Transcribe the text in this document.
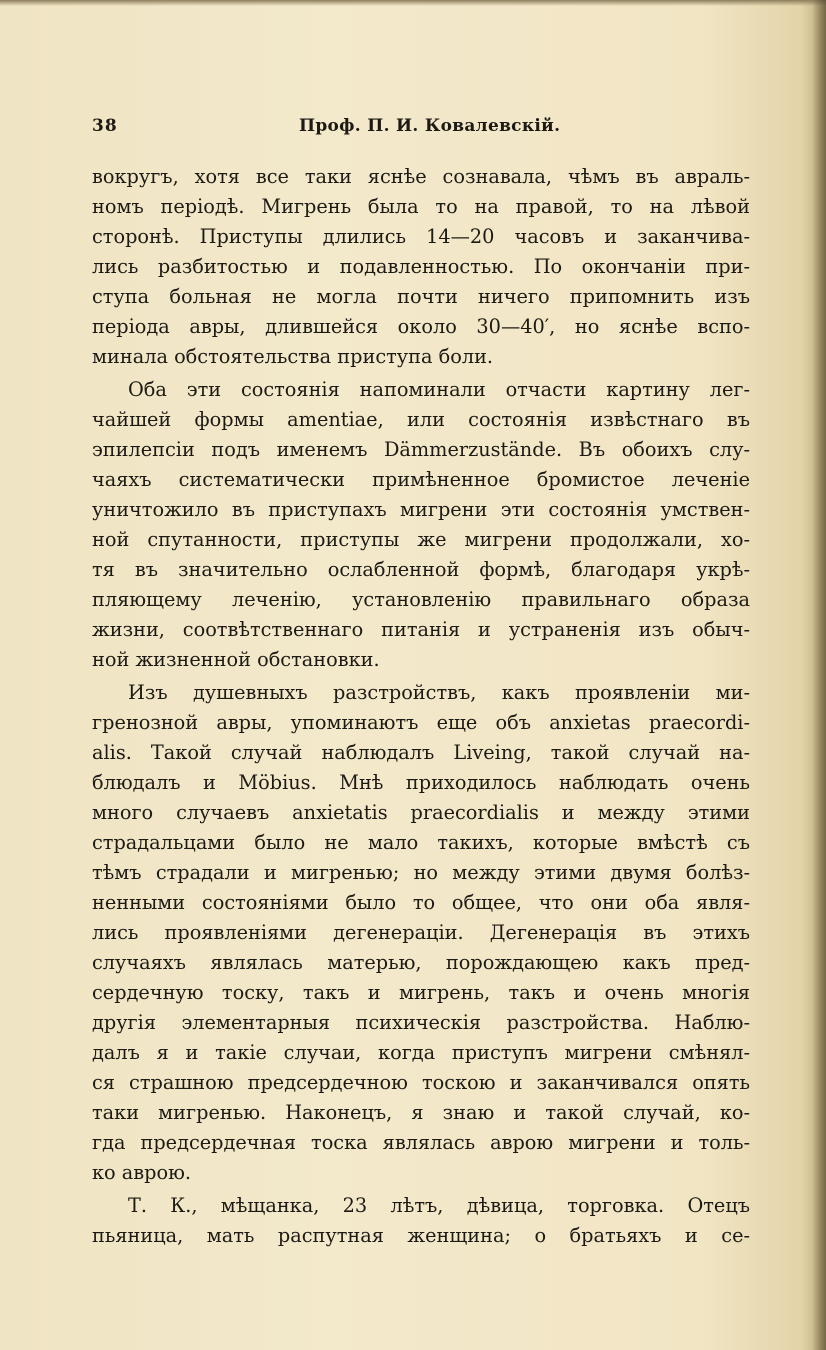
38	Проф. П. И. Ковалевскій.
вокругъ, хотя все таки яснѣе сознавала, чѣмъ въ авраль-
номъ періодѣ. Мигрень была то на правой, то на лѣвой
сторонѣ. Приступы длились 14—20 часовъ и заканчива-
лись разбитостью и подавленностью. По окончаніи при-
ступа больная не могла почти ничего припомнить изъ
періода авры, длившейся около 30—40′, но яснѣе вспо-
минала обстоятельства приступа боли.
Оба эти состоянія напоминали отчасти картину лег-
чайшей формы amentiae, или состоянія извѣстнаго въ
эпилепсіи подъ именемъ Dämmerzustände. Въ обоихъ слу-
чаяхъ систематически примѣненное бромистое леченіе
уничтожило въ приступахъ мигрени эти состоянія умствен-
ной спутанности, приступы же мигрени продолжали, хо-
тя въ значительно ослабленной формѣ, благодаря укрѣ-
пляющему леченію, установленію правильнаго образа
жизни, соотвѣтственнаго питанія и устраненія изъ обыч-
ной жизненной обстановки.
Изъ душевныхъ разстройствъ, какъ проявленіи ми-
гренозной авры, упоминаютъ еще объ anxietas praecordi-
alis. Такой случай наблюдалъ Liveing, такой случай на-
блюдалъ и Möbius. Мнѣ приходилось наблюдать очень
много случаевъ anxietatis praecordialis и между этими
страдальцами было не мало такихъ, которые вмѣстѣ съ
тѣмъ страдали и мигренью; но между этими двумя болѣз-
ненными состояніями было то общее, что они оба явля-
лись проявленіями дегенераціи. Дегенерація въ этихъ
случаяхъ являлась матерью, порождающею какъ пред-
сердечную тоску, такъ и мигрень, такъ и очень многія
другія элементарныя психическія разстройства. Наблю-
далъ я и такіе случаи, когда приступъ мигрени смѣнял-
ся страшною предсердечною тоскою и заканчивался опять
таки мигренью. Наконецъ, я знаю и такой случай, ко-
гда предсердечная тоска являлась аврою мигрени и толь-
ко аврою.
Т. К., мѣщанка, 23 лѣтъ, дѣвица, торговка. Отецъ
пьяница, мать распутная женщина; о братьяхъ и се-
